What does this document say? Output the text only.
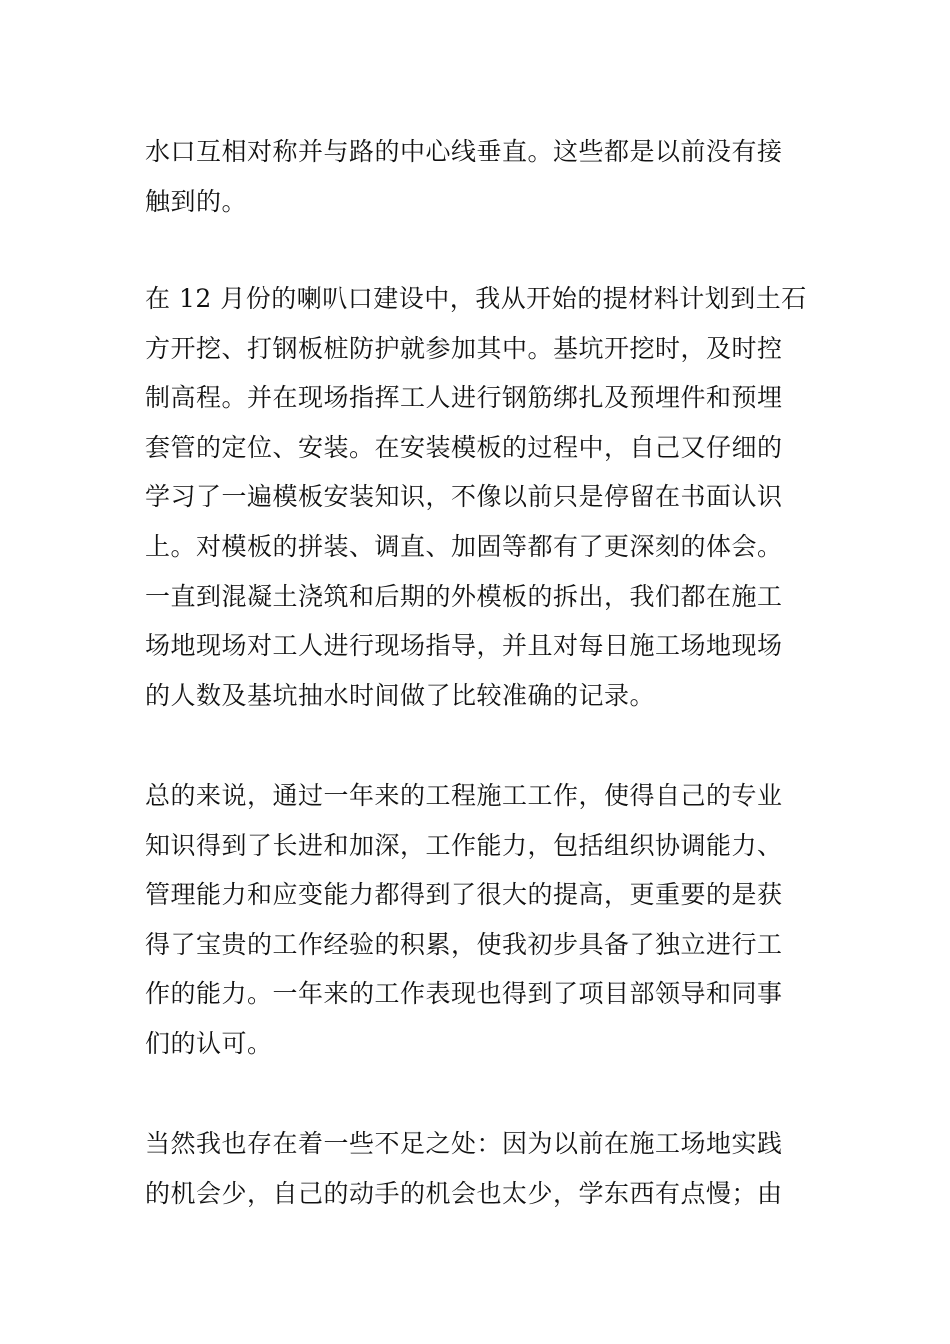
水口互相对称并与路的中心线垂直。这些都是以前没有接
触到的。

在 12 月份的喇叭口建设中，我从开始的提材料计划到土石
方开挖、打钢板桩防护就参加其中。基坑开挖时，及时控
制高程。并在现场指挥工人进行钢筋绑扎及预埋件和预埋
套管的定位、安装。在安装模板的过程中，自己又仔细的
学习了一遍模板安装知识，不像以前只是停留在书面认识
上。对模板的拼装、调直、加固等都有了更深刻的体会。
一直到混凝土浇筑和后期的外模板的拆出，我们都在施工
场地现场对工人进行现场指导，并且对每日施工场地现场
的人数及基坑抽水时间做了比较准确的记录。

总的来说，通过一年来的工程施工工作，使得自己的专业
知识得到了长进和加深，工作能力，包括组织协调能力、
管理能力和应变能力都得到了很大的提高，更重要的是获
得了宝贵的工作经验的积累，使我初步具备了独立进行工
作的能力。一年来的工作表现也得到了项目部领导和同事
们的认可。

当然我也存在着一些不足之处：因为以前在施工场地实践
的机会少，自己的动手的机会也太少，学东西有点慢；由
